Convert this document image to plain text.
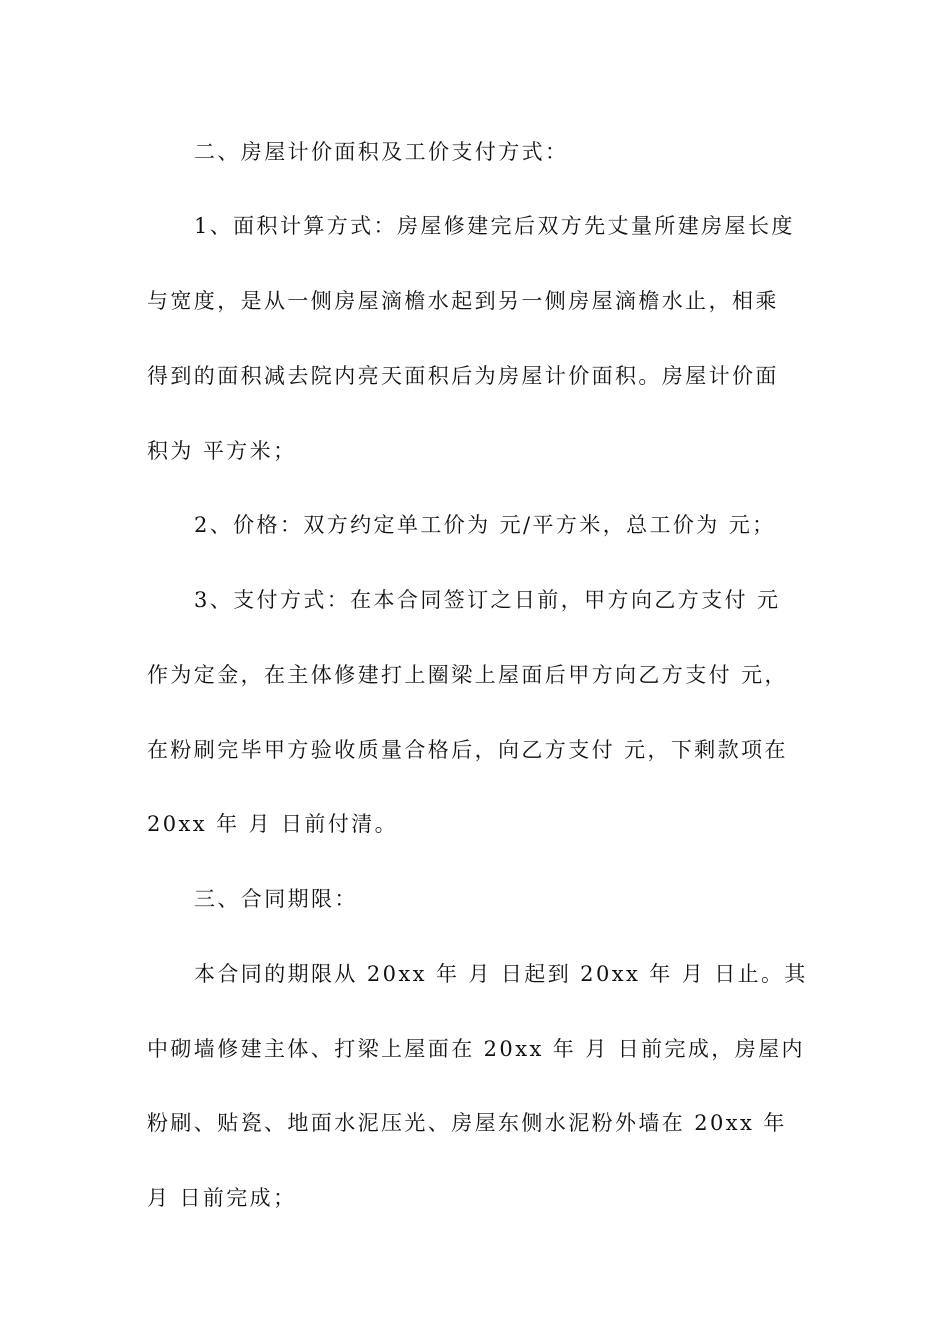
二、房屋计价面积及工价支付方式：
1、面积计算方式：房屋修建完后双方先丈量所建房屋长度
与宽度，是从一侧房屋滴檐水起到另一侧房屋滴檐水止，相乘
得到的面积减去院内亮天面积后为房屋计价面积。房屋计价面
积为 平方米；
2、价格：双方约定单工价为 元/平方米，总工价为 元；
3、支付方式：在本合同签订之日前，甲方向乙方支付 元
作为定金，在主体修建打上圈梁上屋面后甲方向乙方支付 元，
在粉刷完毕甲方验收质量合格后，向乙方支付 元，下剩款项在
20xx 年 月 日前付清。
三、合同期限：
本合同的期限从 20xx 年 月 日起到 20xx 年 月 日止。其
中砌墙修建主体、打梁上屋面在 20xx 年 月 日前完成，房屋内
粉刷、贴瓷、地面水泥压光、房屋东侧水泥粉外墙在 20xx 年
月 日前完成；
